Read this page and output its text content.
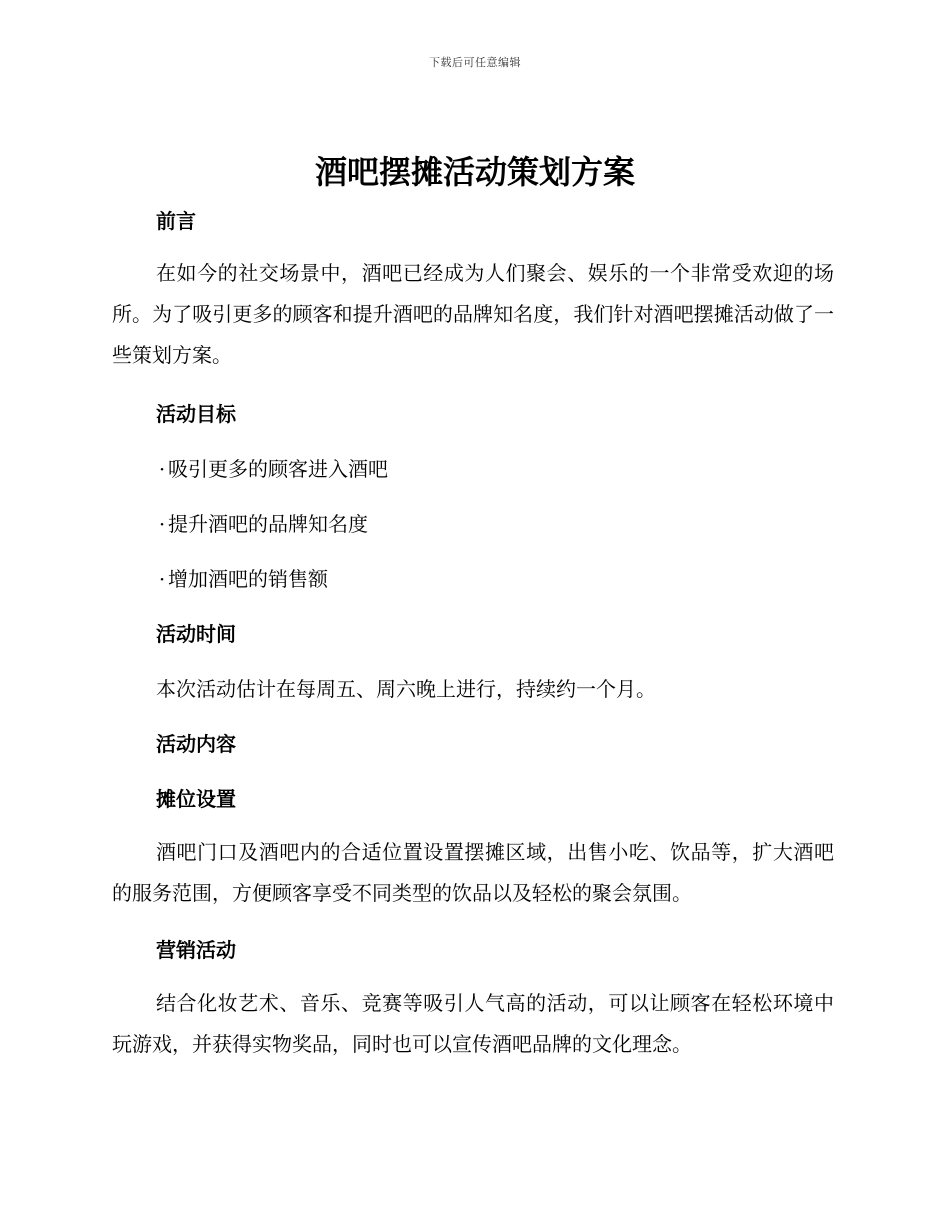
下载后可任意编辑
酒吧摆摊活动策划方案
前言

在如今的社交场景中，酒吧已经成为人们聚会、娱乐的一个非常受欢迎的场所。为了吸引更多的顾客和提升酒吧的品牌知名度，我们针对酒吧摆摊活动做了一些策划方案。

活动目标

· 吸引更多的顾客进入酒吧

· 提升酒吧的品牌知名度

· 增加酒吧的销售额

活动时间

本次活动估计在每周五、周六晚上进行，持续约一个月。

活动内容
摊位设置

酒吧门口及酒吧内的合适位置设置摆摊区域，出售小吃、饮品等，扩大酒吧的服务范围，方便顾客享受不同类型的饮品以及轻松的聚会氛围。

营销活动

结合化妆艺术、音乐、竞赛等吸引人气高的活动，可以让顾客在轻松环境中玩游戏，并获得实物奖品，同时也可以宣传酒吧品牌的文化理念。
